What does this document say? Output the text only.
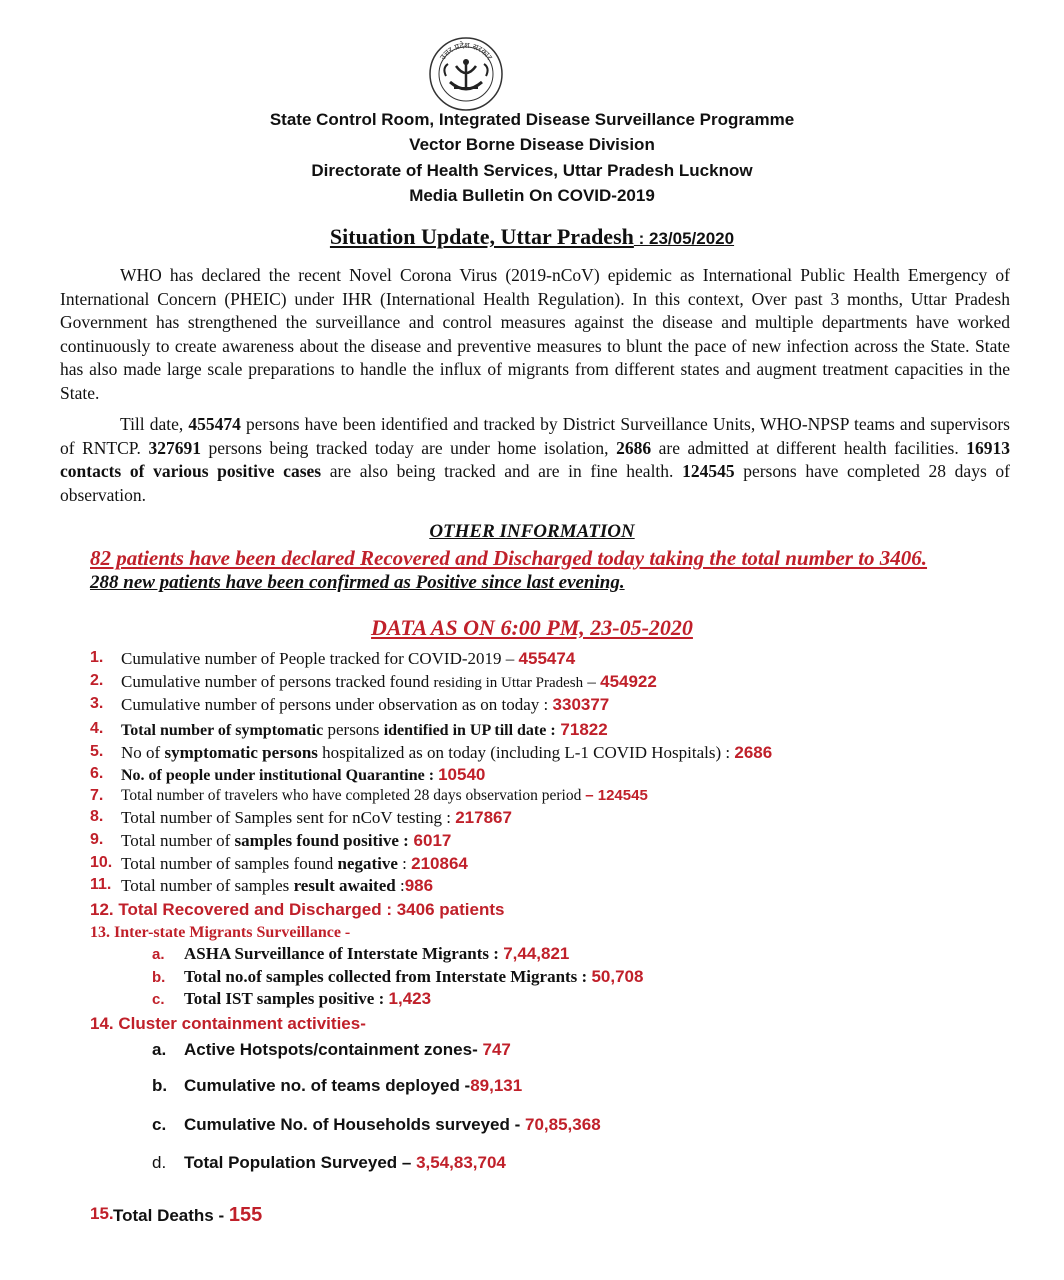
उत्तर प्रदेश सरकार
State Control Room, Integrated Disease Surveillance Programme
Vector Borne Disease Division
Directorate of Health Services, Uttar Pradesh Lucknow
Media Bulletin On COVID-2019
Situation Update, Uttar Pradesh : 23/05/2020
WHO has declared the recent Novel Corona Virus (2019-nCoV) epidemic as International Public Health Emergency of International Concern (PHEIC) under IHR (International Health Regulation). In this context, Over past 3 months, Uttar Pradesh Government has strengthened the surveillance and control measures against the disease and multiple departments have worked continuously to create awareness about the disease and preventive measures to blunt the pace of new infection across the State. State has also made large scale preparations to handle the influx of migrants from different states and augment treatment capacities in the State.
Till date, 455474 persons have been identified and tracked by District Surveillance Units, WHO-NPSP teams and supervisors of RNTCP. 327691 persons being tracked today are under home isolation, 2686 are admitted at different health facilities. 16913 contacts of various positive cases are also being tracked and are in fine health. 124545 persons have completed 28 days of observation.
OTHER INFORMATION
82 patients have been declared Recovered and Discharged today taking the total number to 3406.
288 new patients have been confirmed as Positive since last evening.
DATA AS ON 6:00 PM, 23-05-2020
1. Cumulative number of People tracked for COVID-2019 – 455474
2. Cumulative number of persons tracked found residing in Uttar Pradesh – 454922
3. Cumulative number of persons under observation as on today : 330377
4. Total number of symptomatic persons identified in UP till date : 71822
5. No of symptomatic persons hospitalized as on today (including L-1 COVID Hospitals) : 2686
6. No. of people under institutional Quarantine : 10540
7. Total number of travelers who have completed 28 days observation period – 124545
8. Total number of Samples sent for nCoV testing : 217867
9. Total number of samples found positive : 6017
10. Total number of samples found negative : 210864
11. Total number of samples result awaited :986
12. Total Recovered and Discharged : 3406 patients
13. Inter-state Migrants Surveillance -
a. ASHA Surveillance of Interstate Migrants : 7,44,821
b. Total no.of samples collected from Interstate Migrants : 50,708
c. Total IST samples positive : 1,423
14. Cluster containment activities-
a. Active Hotspots/containment zones- 747
b. Cumulative no. of teams deployed -89,131
c. Cumulative No. of Households surveyed - 70,85,368
d. Total Population Surveyed – 3,54,83,704
15. Total Deaths - 155
